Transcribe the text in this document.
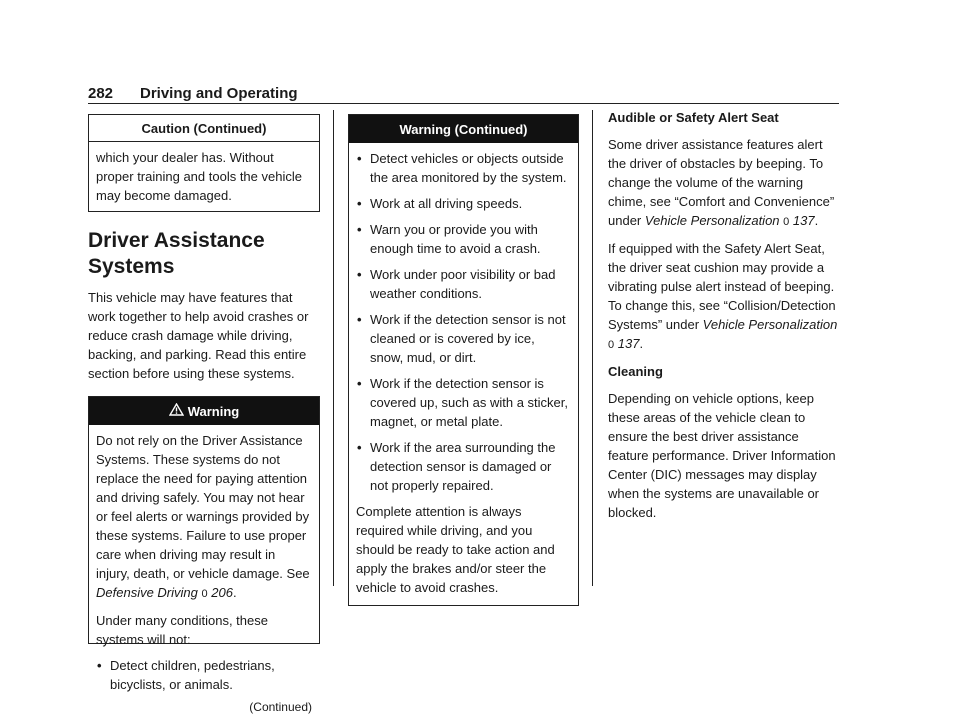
282 Driving and Operating
Caution (Continued)

which your dealer has. Without proper training and tools the vehicle may become damaged.

Driver Assistance Systems

This vehicle may have features that work together to help avoid crashes or reduce crash damage while driving, backing, and parking. Read this entire section before using these systems.

Warning

Do not rely on the Driver Assistance Systems. These systems do not replace the need for paying attention and driving safely. You may not hear or feel alerts or warnings provided by these systems. Failure to use proper care when driving may result in injury, death, or vehicle damage. See Defensive Driving 0 206.

Under many conditions, these systems will not:

• Detect children, pedestrians, bicyclists, or animals.
(Continued)
Warning (Continued)
• Detect vehicles or objects outside the area monitored by the system.
• Work at all driving speeds.
• Warn you or provide you with enough time to avoid a crash.
• Work under poor visibility or bad weather conditions.
• Work if the detection sensor is not cleaned or is covered by ice, snow, mud, or dirt.
• Work if the detection sensor is covered up, such as with a sticker, magnet, or metal plate.
• Work if the area surrounding the detection sensor is damaged or not properly repaired.

Complete attention is always required while driving, and you should be ready to take action and apply the brakes and/or steer the vehicle to avoid crashes.

Audible or Safety Alert Seat

Some driver assistance features alert the driver of obstacles by beeping. To change the volume of the warning chime, see “Comfort and Convenience” under Vehicle Personalization 0 137.

If equipped with the Safety Alert Seat, the driver seat cushion may provide a vibrating pulse alert instead of beeping. To change this, see “Collision/Detection Systems” under Vehicle Personalization 0 137.

Cleaning

Depending on vehicle options, keep these areas of the vehicle clean to ensure the best driver assistance feature performance. Driver Information Center (DIC) messages may display when the systems are unavailable or blocked.
